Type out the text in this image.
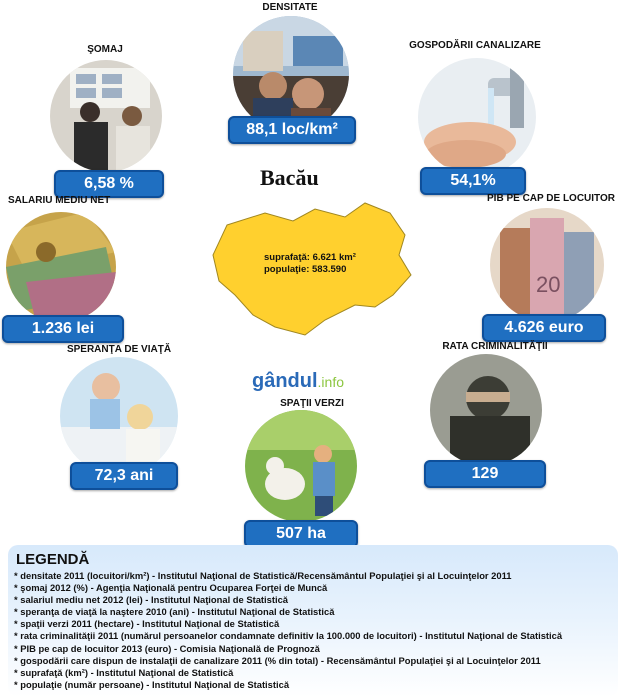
DENSITATE
88,1 loc/km²
ŞOMAJ
6,58 %
GOSPODĂRII CANALIZARE
54,1%
SALARIU MEDIU NET
1.236 lei
PIB PE CAP DE LOCUITOR
20
4.626 euro
Bacău
suprafaţă: 6.621 km²
populaţie: 583.590
SPERANŢA DE VIAŢĂ
72,3 ani
RATA CRIMINALITĂŢII
129
gândul.info
SPAŢII VERZI
507 ha
LEGENDĂ
* densitate 2011 (locuitori/km²) - Institutul Naţional de Statistică/Recensământul Populaţiei şi al Locuinţelor 2011
* şomaj 2012 (%) - Agenţia Naţională pentru Ocuparea Forţei de Muncă
* salariul mediu net 2012 (lei) - Institutul Naţional de Statistică
* speranţa de viaţă la naştere 2010 (ani) - Institutul Naţional de Statistică
* spaţii verzi 2011 (hectare) - Institutul Naţional de Statistică
* rata criminalităţii 2011 (numărul persoanelor condamnate definitiv la 100.000 de locuitori) - Institutul Naţional de Statistică
* PIB pe cap de locuitor 2013 (euro) - Comisia Naţională de Prognoză
* gospodării care dispun de instalaţii de canalizare 2011 (% din total) - Recensământul Populaţiei şi al Locuinţelor 2011
* suprafaţă (km²) - Institutul Naţional de Statistică
* populaţie (număr persoane) - Institutul Naţional de Statistică
